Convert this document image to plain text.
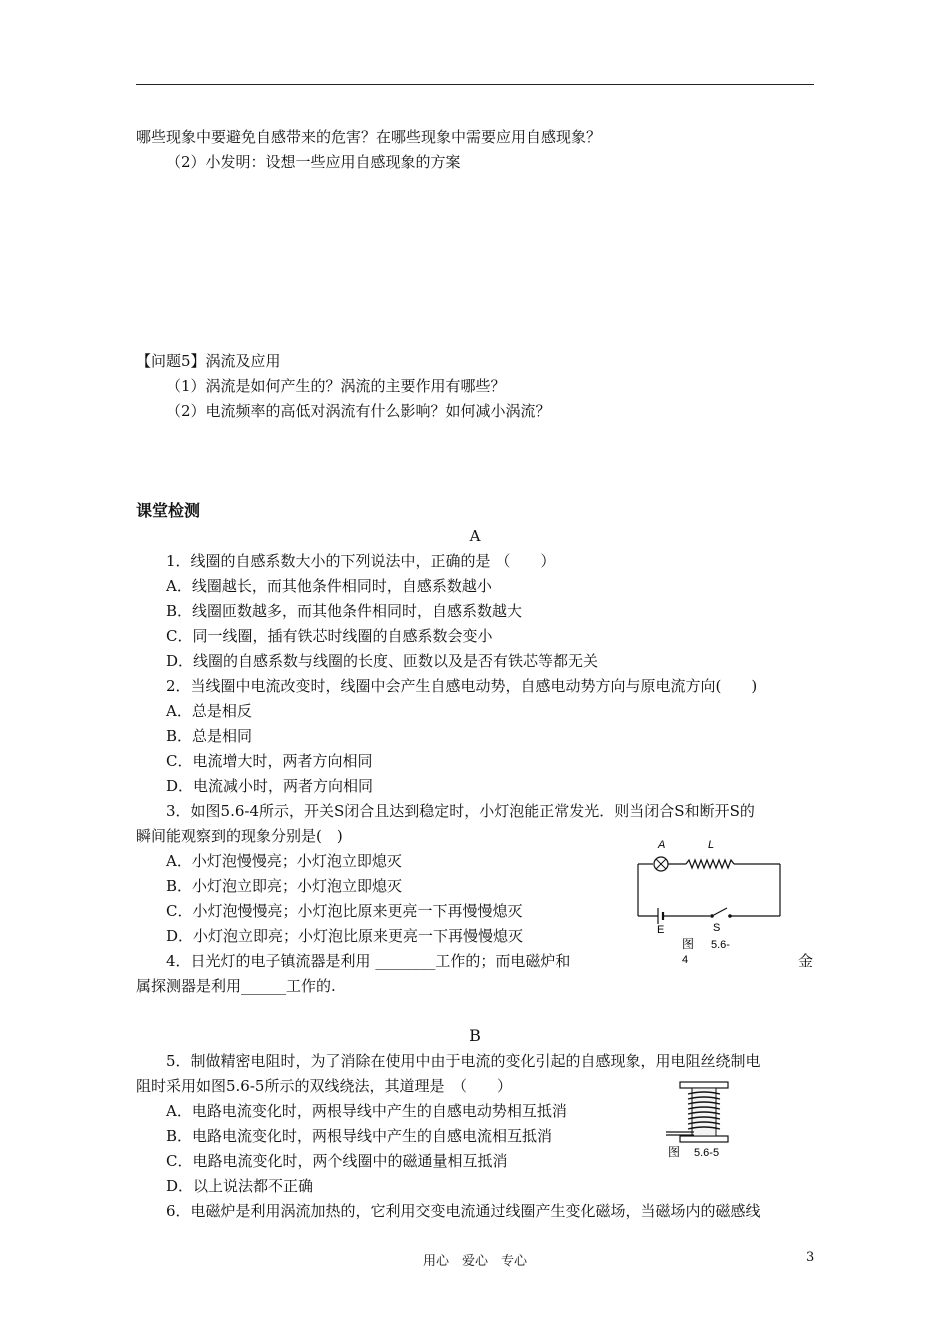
哪些现象中要避免自感带来的危害？在哪些现象中需要应用自感现象？
（2）小发明：设想一些应用自感现象的方案
【问题5】涡流及应用
（1）涡流是如何产生的？涡流的主要作用有哪些？
（2）电流频率的高低对涡流有什么影响？如何减小涡流？
课堂检测
A
1．线圈的自感系数大小的下列说法中，正确的是 （　　）
A．线圈越长，而其他条件相同时，自感系数越小
B．线圈匝数越多，而其他条件相同时，自感系数越大
C．同一线圈，插有铁芯时线圈的自感系数会变小
D．线圈的自感系数与线圈的长度、匝数以及是否有铁芯等都无关
2．当线圈中电流改变时，线圈中会产生自感电动势，自感电动势方向与原电流方向(　　)
A．总是相反
B．总是相同
C．电流增大时，两者方向相同
D．电流减小时，两者方向相同
3．如图5.6-4所示，开关S闭合且达到稳定时，小灯泡能正常发光．则当闭合S和断开S的
瞬间能观察到的现象分别是(　)
A．小灯泡慢慢亮；小灯泡立即熄灭
B．小灯泡立即亮；小灯泡立即熄灭
C．小灯泡慢慢亮；小灯泡比原来更亮一下再慢慢熄灭
D．小灯泡立即亮；小灯泡比原来更亮一下再慢慢熄灭
4．日光灯的电子镇流器是利用 ________工作的；而电磁炉和	金
属探测器是利用______工作的.
A	L
E	S
图 5.6-
4
B
5．制做精密电阻时，为了消除在使用中由于电流的变化引起的自感现象，用电阻丝绕制电
阻时采用如图5.6-5所示的双线绕法，其道理是　（　　）
A．电路电流变化时，两根导线中产生的自感电动势相互抵消
B．电路电流变化时，两根导线中产生的自感电流相互抵消
C．电路电流变化时，两个线圈中的磁通量相互抵消
D．以上说法都不正确
6．电磁炉是利用涡流加热的，它利用交变电流通过线圈产生变化磁场，当磁场内的磁感线
图 5.6-5
用心　爱心　专心	3
